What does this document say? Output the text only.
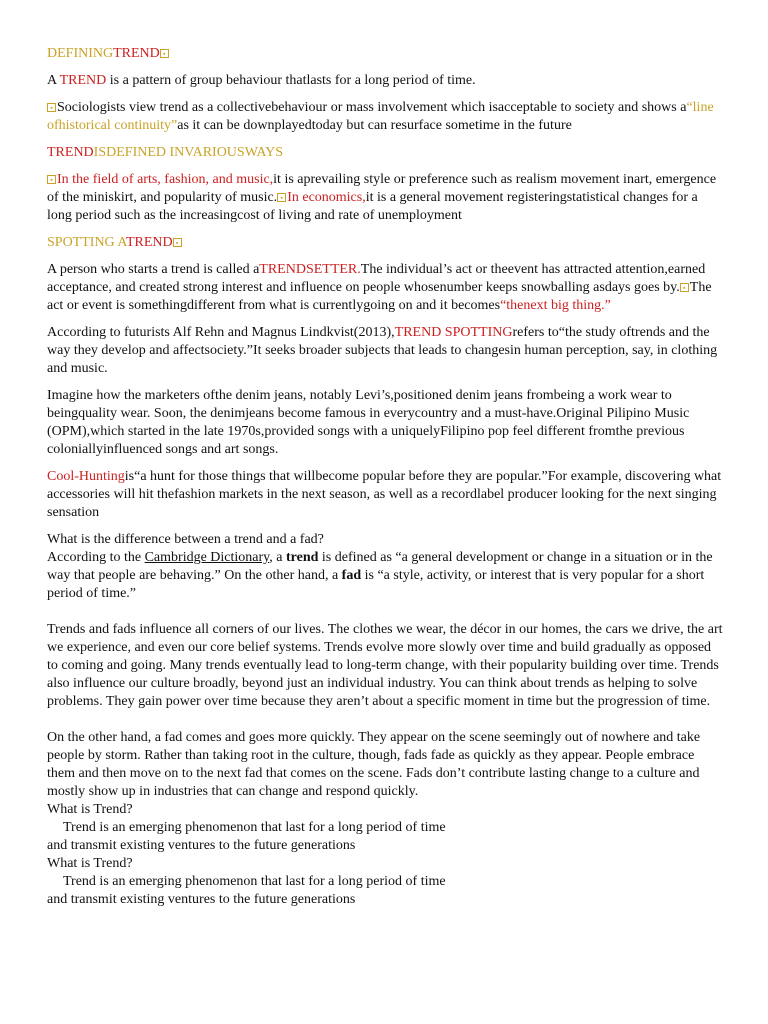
DEFININGTREND ▪

A TREND is a pattern of group behaviour thatlasts for a long period of time.

▪ Sociologists view trend as a collectivebehaviour or mass involvement which isacceptable to society and shows a“line ofhistorical continuity”as it can be downplayedtoday but can resurface sometime in the future

TRENDISDEFINED INVARIOUSWAYS

▪ In the field of arts, fashion, and music,it is aprevailing style or preference such as realism movement inart, emergence of the miniskirt, and popularity of music. ▪ In economics,it is a general movement registeringstatistical changes for a long period such as the increasingcost of living and rate of unemployment

SPOTTING ATREND ▪

A person who starts a trend is called aTRENDSETTER.The individual’s act or theevent has attracted attention,earned acceptance, and created strong interest and influence on people whosenumber keeps snowballing asdays goes by. ▪ The act or event is somethingdifferent from what is currentlygoing on and it becomes“thenext big thing.”

According to futurists Alf Rehn and Magnus Lindkvist(2013),TREND SPOTTINGrefers to“the study oftrends and the way they develop and affectsociety.”It seeks broader subjects that leads to changesin human perception, say, in clothing and music.

Imagine how the marketers ofthe denim jeans, notably Levi’s,positioned denim jeans frombeing a work wear to beingquality wear. Soon, the denimjeans become famous in everycountry and a must-have.Original Pilipino Music (OPM),which started in the late 1970s,provided songs with a uniquelyFilipino pop feel different fromthe previous coloniallyinfluenced songs and art songs.

Cool-Huntingis“a hunt for those things that willbecome popular before they are popular.”For example, discovering what accessories will hit thefashion markets in the next season, as well as a recordlabel producer looking for the next singing sensation

What is the difference between a trend and a fad?

According to the Cambridge Dictionary, a trend is defined as “a general development or change in a situation or in the way that people are behaving.” On the other hand, a fad is “a style, activity, or interest that is very popular for a short period of time.”

Trends and fads influence all corners of our lives. The clothes we wear, the décor in our homes, the cars we drive, the art we experience, and even our core belief systems. Trends evolve more slowly over time and build gradually as opposed to coming and going. Many trends eventually lead to long-term change, with their popularity building over time. Trends also influence our culture broadly, beyond just an individual industry. You can think about trends as helping to solve problems. They gain power over time because they aren’t about a specific moment in time but the progression of time.

On the other hand, a fad comes and goes more quickly. They appear on the scene seemingly out of nowhere and take people by storm. Rather than taking root in the culture, though, fads fade as quickly as they appear. People embrace them and then move on to the next fad that comes on the scene. Fads don’t contribute lasting change to a culture and mostly show up in industries that can change and respond quickly.

What is Trend?

Trend is an emerging phenomenon that last for a long period of time

and transmit existing ventures to the future generations

What is Trend?

Trend is an emerging phenomenon that last for a long period of time

and transmit existing ventures to the future generations
